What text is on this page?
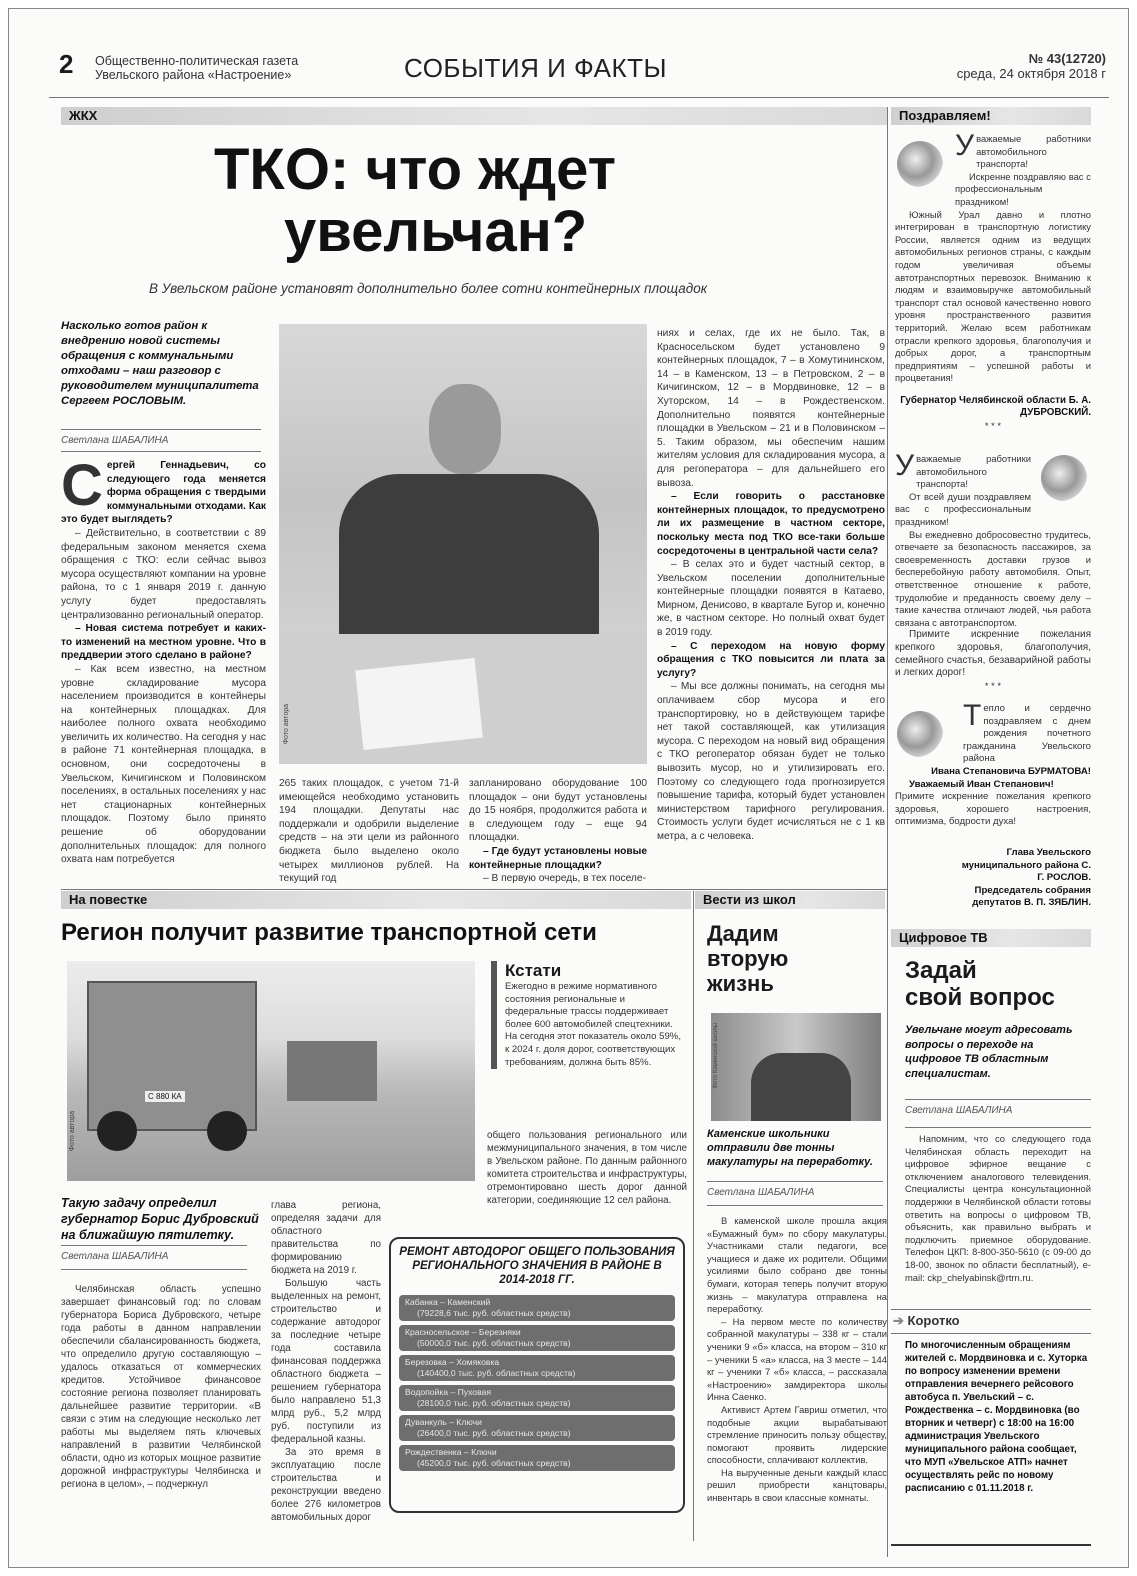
2 Общественно-политическая газета
Увельского района «Настроение»	СОБЫТИЯ И ФАКТЫ	№ 43(12720)
среда, 24 октября 2018 г
ЖКХ	Поздравляем!
ТКО: что ждет
увельчан?
В Увельском районе установят дополнительно более сотни контейнерных площадок
Насколько готов район к внедрению новой системы обращения с коммунальными отходами – наш разговор с руководителем муниципалитета Сергеем РОСЛОВЫМ.
Светлана ШАБАЛИНА
С ергей Геннадьевич, со следующего года меняется форма обращения с твердыми коммунальными отходами. Как это будет выглядеть?

– Действительно, в соответствии с 89 федеральным законом меняется схема обращения с ТКО: если сейчас вывоз мусора осуществляют компании на уровне района, то с 1 января 2019 г. данную услугу будет предоставлять централизованно региональный оператор.

– Новая система потребует и каких-то изменений на местном уровне. Что в преддверии этого сделано в районе?

– Как всем известно, на местном уровне складирование мусора населением производится в контейнеры на контейнерных площадках. Для наиболее полного охвата необходимо увеличить их количество. На сегодня у нас в районе 71 контейнерная площадка, в основном, они сосредоточены в Увельском, Кичигинском и Половинском поселениях, в остальных поселениях у нас нет стационарных контейнерных площадок. Поэтому было принято решение об оборудовании дополнительных площадок: для полного охвата нам потребуется

Фото автора
265 таких площадок, с учетом 71-й имеющейся необходимо установить 194 площадки. Депутаты нас поддержали и одобрили выделение средств – на эти цели из районного бюджета было выделено около четырех миллионов рублей. На текущий год
запланировано оборудование 100 площадок – они будут установлены до 15 ноября, продолжится работа и в следующем году – еще 94 площадки.

– Где будут установлены новые контейнерные площадки?

– В первую очередь, в тех поселе-

ниях и селах, где их не было. Так, в Красносельском будет установлено 9 контейнерных площадок, 7 – в Хомутининском, 14 – в Каменском, 13 – в Петровском, 2 – в Кичигинском, 12 – в Мордвиновке, 12 – в Хуторском, 14 – в Рождественском. Дополнительно появятся контейнерные площадки в Увельском – 21 и в Половинском – 5. Таким образом, мы обеспечим нашим жителям условия для складирования мусора, а для регоператора – для дальнейшего его вывоза.

– Если говорить о расстановке контейнерных площадок, то предусмотрено ли их размещение в частном секторе, поскольку места под ТКО все-таки больше сосредоточены в центральной части села?

– В селах это и будет частный сектор, в Увельском поселении дополнительные контейнерные площадки появятся в Катаево, Мирном, Денисово, в квартале Бугор и, конечно же, в частном секторе. Но полный охват будет в 2019 году.

– С переходом на новую форму обращения с ТКО повысится ли плата за услугу?

– Мы все должны понимать, на сегодня мы оплачиваем сбор мусора и его транспортировку, но в действующем тарифе нет такой составляющей, как утилизация мусора. С переходом на новый вид обращения с ТКО регоператор обязан будет не только вывозить мусор, но и утилизировать его. Поэтому со следующего года прогнозируется повышение тарифа, который будет установлен министерством тарифного регулирования. Стоимость услуги будет исчисляться не с 1 кв метра, а с человека.

У важаемые работники автомобильного транспорта!

Искренне поздравляю вас с профессиональным праздником!

Южный Урал давно и плотно интегрирован в транспортную логистику России, является одним из ведущих автомобильных регионов страны, с каждым годом увеличивая объемы автотранспортных перевозок. Вниманию к людям и взаимовыручке автомобильный транспорт стал основой качественно нового уровня пространственного развития территорий. Желаю всем работникам отрасли крепкого здоровья, благополучия и добрых дорог, а транспортным предприятиям – успешной работы и процветания!

Губернатор Челябинской области Б. А. ДУБРОВСКИЙ.
* * *
У важаемые работники автомобильного транспорта!

От всей души поздравляем вас с профессиональным праздником!

Вы ежедневно добросовестно трудитесь, отвечаете за безопасность пассажиров, за своевременность доставки грузов и бесперебойную работу автомобиля. Опыт, ответственное отношение к работе, трудолюбие и преданность своему делу – такие качества отличают людей, чья работа связана с автотранспортом.

Примите искренние пожелания крепкого здоровья, благополучия, семейного счастья, безаварийной работы и легких дорог!

* * *
Т епло и сердечно поздравляем с днем рождения почетного гражданина Увельского района
Ивана Степановича БУРМАТОВА!

Уважаемый Иван Степанович!

Примите искренние пожелания крепкого здоровья, хорошего настроения, оптимизма, бодрости духа!
Глава Увельского муниципального района С. Г. РОСЛОВ.
Председатель собрания депутатов В. П. ЗЯБЛИН.
Цифровое ТВ
Задай
свой вопрос
Увельчане могут адресовать вопросы о переходе на цифровое ТВ областным специалистам.
Светлана ШАБАЛИНА

Напомним, что со следующего года Челябинская область переходит на цифровое эфирное вещание с отключением аналогового телевидения. Специалисты центра консультационной поддержки в Челябинской области готовы ответить на вопросы о цифровом ТВ, объяснить, как правильно выбрать и подключить приемное оборудование. Телефон ЦКП: 8-800-350-5610 (с 09-00 до 18-00, звонок по области бесплатный), e-mail: ckp_chelyabinsk@rtrn.ru.

➔ Коротко
По многочисленным обращениям жителей с. Мордвиновка и с. Хуторка по вопросу изменении времени отправления вечернего рейсового автобуса п. Увельский – с. Рождественка – с. Мордвиновка (во вторник и четверг) с 18:00 на 16:00 администрация Увельского муниципального района сообщает, что МУП «Увельское АТП» начнет осуществлять рейс по новому расписанию с 01.11.2018 г.
На повестке	Вести из школ
Регион получит развитие транспортной сети
С 880 КА
Фото автора
Кстати
Ежегодно в режиме нормативного состояния региональные и федеральные трассы поддерживает более 600 автомобилей спецтехники. На сегодня этот показатель около 59%, к 2024 г. доля дорог, соответствующих требованиям, должна быть 85%.
общего пользования регионального или межмуниципального значения, в том числе в Увельском районе. По данным районного комитета строительства и инфраструктуры, отремонтировано шесть дорог данной категории, соединяющие 12 сел района.
Такую задачу определил губернатор Борис Дубровский на ближайшую пятилетку.
Светлана ШАБАЛИНА

Челябинская область успешно завершает финансовый год: по словам губернатора Бориса Дубровского, четыре года работы в данном направлении обеспечили сбалансированность бюджета, что определило другую составляющую – удалось отказаться от коммерческих кредитов. Устойчивое финансовое состояние региона позволяет планировать дальнейшее развитие территории. «В связи с этим на следующие несколько лет работы мы выделяем пять ключевых направлений в развитии Челябинской области, одно из которых мощное развитие дорожной инфраструктуры Челябинска и региона в целом», – подчеркнул

глава региона, определяя задачи для областного правительства по формированию бюджета на 2019 г.

Большую часть выделенных на ремонт, строительство и содержание автодорог за последние четыре года составила финансовая поддержка областного бюджета – решением губернатора было направлено 51,3 млрд руб., 5,2 млрд руб. поступили из федеральной казны.

За это время в эксплуатацию после строительства и реконструкции введено более 276 километров автомобильных дорог

РЕМОНТ АВТОДОРОГ ОБЩЕГО ПОЛЬЗОВАНИЯ РЕГИОНАЛЬНОГО ЗНАЧЕНИЯ В РАЙОНЕ В 2014-2018 ГГ.
Кабанка – Каменский
(79228,6 тыс. руб. областных средств)
Красносельское – Березняки
(50000,0 тыс. руб. областных средств)
Березовка – Хомяковка
(140400,0 тыс. руб. областных средств)
Водопойка – Пуховая
(28100,0 тыс. руб. областных средств)
Дуванкуль – Ключи
(26400,0 тыс. руб. областных средств)
Рождественка – Ключи
(45200,0 тыс. руб. областных средств)
Дадим
вторую
жизнь
Фото Каменской школы
Каменские школьники отправили две тонны макулатуры на переработку.
Светлана ШАБАЛИНА

В каменской школе прошла акция «Бумажный бум» по сбору макулатуры. Участниками стали педагоги, все учащиеся и даже их родители. Общими усилиями было собрано две тонны бумаги, которая теперь получит вторую жизнь – макулатура отправлена на переработку.

– На первом месте по количеству собранной макулатуры – 338 кг – стали ученики 9 «б» класса, на втором – 310 кг – ученики 5 «а» класса, на 3 месте – 144 кг – ученики 7 «б» класса, – рассказала «Настроению» замдиректора школы Инна Саенко.

Активист Артем Гавриш отметил, что подобные акции вырабатывают стремление приносить пользу обществу, помогают проявить лидерские способности, сплачивают коллектив.

На вырученные деньги каждый класс решил приобрести канцтовары, инвентарь в свои классные комнаты.
